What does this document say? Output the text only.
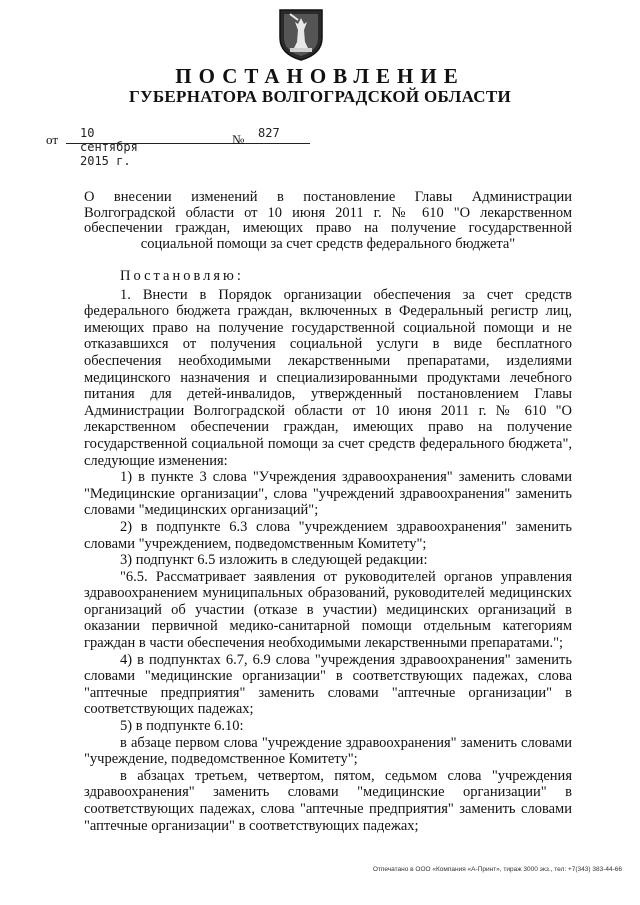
ПОСТАНОВЛЕНИЕ
ГУБЕРНАТОРА ВОЛГОГРАДСКОЙ ОБЛАСТИ
от 10 сентября 2015 г.
№ 827
О внесении изменений в постановление Главы Администрации
Волгоградской области от 10 июня 2011 г. № 610 "О лекарственном
обеспечении граждан, имеющих право на получение государственной
социальной помощи за счет средств федерального бюджета"

Постановляю:

1. Внести в Порядок организации обеспечения за счет средств федерального бюджета граждан, включенных в Федеральный регистр лиц, имеющих право на получение государственной социальной помощи и не отказавшихся от получения социальной услуги в виде бесплатного обеспечения необходимыми лекарственными препаратами, изделиями медицинского назначения и специализированными продуктами лечебного питания для детей-инвалидов, утвержденный постановлением Главы Администрации Волгоградской области от 10 июня 2011 г. № 610 "О лекарственном обеспечении граждан, имеющих право на получение государственной социальной помощи за счет средств федерального бюджета", следующие изменения:

1) в пункте 3 слова "Учреждения здравоохранения" заменить словами "Медицинские организации", слова "учреждений здравоохранения" заменить словами "медицинских организаций";

2) в подпункте 6.3 слова "учреждением здравоохранения" заменить словами "учреждением, подведомственным Комитету";

3) подпункт 6.5 изложить в следующей редакции:

"6.5. Рассматривает заявления от руководителей органов управления здравоохранением муниципальных образований, руководителей медицинских организаций об участии (отказе в участии) медицинских организаций в оказании первичной медико-санитарной помощи отдельным категориям граждан в части обеспечения необходимыми лекарственными препаратами.";

4) в подпунктах 6.7, 6.9 слова "учреждения здравоохранения" заменить словами "медицинские организации" в соответствующих падежах, слова "аптечные предприятия" заменить словами "аптечные организации" в соответствующих падежах;

5) в подпункте 6.10:

в абзаце первом слова "учреждение здравоохранения" заменить словами "учреждение, подведомственное Комитету";

в абзацах третьем, четвертом, пятом, седьмом слова "учреждения здравоохранения" заменить словами "медицинские организации" в соответствующих падежах, слова "аптечные предприятия" заменить словами "аптечные организации" в соответствующих падежах;

Отпечатано в ООО «Компания «А-Принт», тираж 3000 экз., тел: +7(343) 383-44-66
